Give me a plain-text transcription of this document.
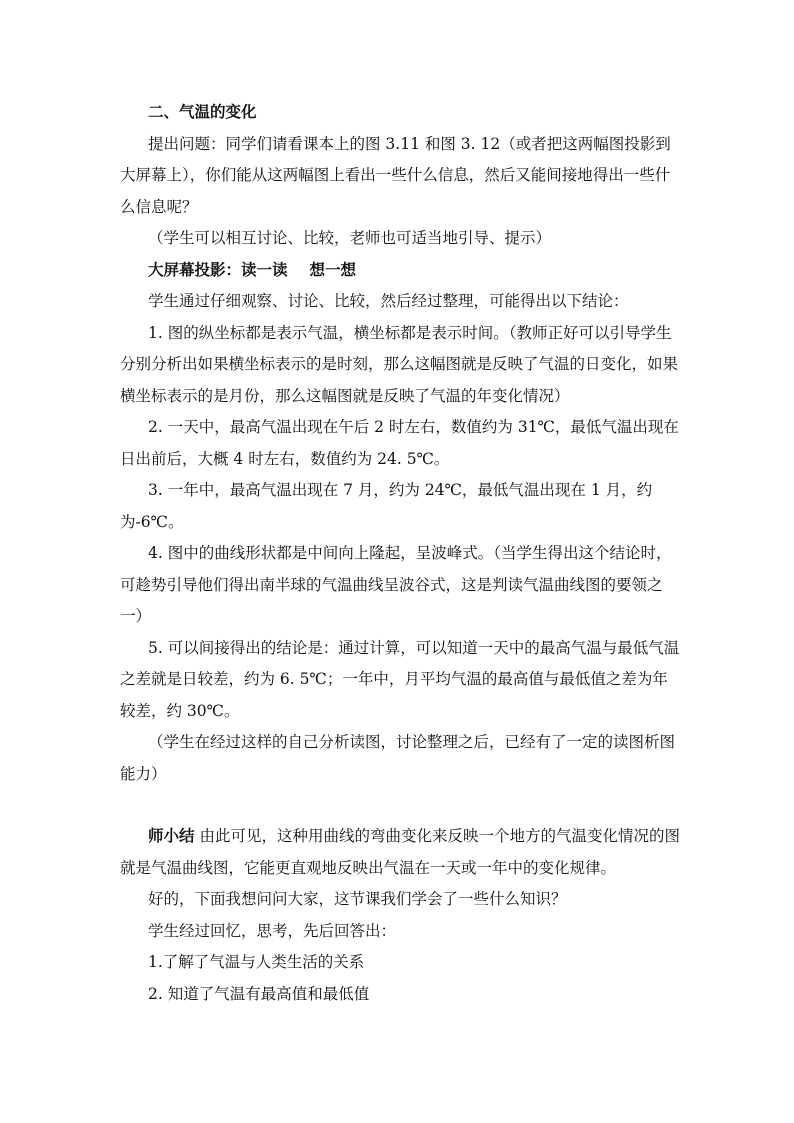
二、气温的变化

提出问题：同学们请看课本上的图 3.11 和图 3. 12（或者把这两幅图投影到大屏幕上），你们能从这两幅图上看出一些什么信息，然后又能间接地得出一些什么信息呢？

（学生可以相互讨论、比较，老师也可适当地引导、提示）

大屏幕投影：读一读 想一想

学生通过仔细观察、讨论、比较，然后经过整理，可能得出以下结论：

1. 图的纵坐标都是表示气温，横坐标都是表示时间。（教师正好可以引导学生分别分析出如果横坐标表示的是时刻，那么这幅图就是反映了气温的日变化，如果横坐标表示的是月份，那么这幅图就是反映了气温的年变化情况）

2. 一天中，最高气温出现在午后 2 时左右，数值约为 31℃，最低气温出现在日出前后，大概 4 时左右，数值约为 24. 5℃。

3. 一年中，最高气温出现在 7 月，约为 24℃，最低气温出现在 1 月，约为-6℃。

4. 图中的曲线形状都是中间向上隆起，呈波峰式。（当学生得出这个结论时，可趁势引导他们得出南半球的气温曲线呈波谷式，这是判读气温曲线图的要领之一）

5. 可以间接得出的结论是：通过计算，可以知道一天中的最高气温与最低气温之差就是日较差，约为 6. 5℃；一年中，月平均气温的最高值与最低值之差为年较差，约 30℃。

（学生在经过这样的自己分析读图，讨论整理之后，已经有了一定的读图析图能力）

师小结 由此可见，这种用曲线的弯曲变化来反映一个地方的气温变化情况的图就是气温曲线图，它能更直观地反映出气温在一天或一年中的变化规律。

好的，下面我想问问大家，这节课我们学会了一些什么知识？

学生经过回忆，思考，先后回答出：

1.了解了气温与人类生活的关系

2. 知道了气温有最高值和最低值
